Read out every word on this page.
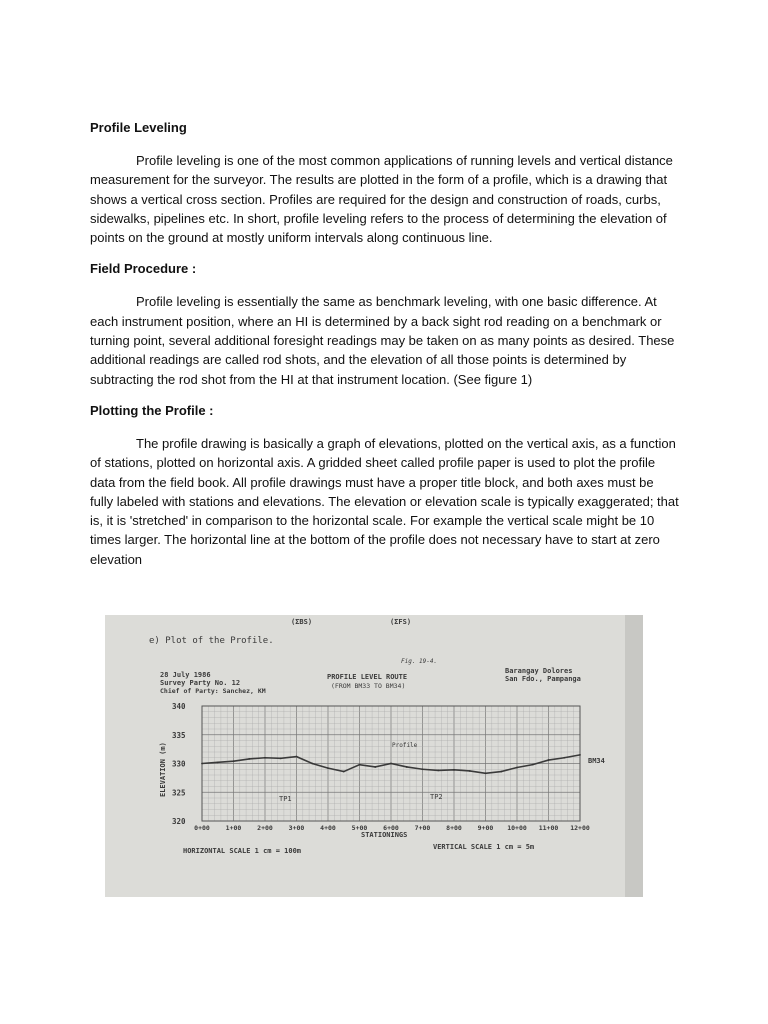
Profile Leveling

Profile leveling is one of the most common applications of running levels and vertical distance measurement for the surveyor. The results are plotted in the form of a profile, which is a drawing that shows a vertical cross section. Profiles are required for the design and construction of roads, curbs, sidewalks, pipelines etc. In short, profile leveling refers to the process of determining the elevation of points on the ground at mostly uniform intervals along continuous line.

Field Procedure :

Profile leveling is essentially the same as benchmark leveling, with one basic difference. At each instrument position, where an HI is determined by a back sight rod reading on a benchmark or turning point, several additional foresight readings may be taken on as many points as desired. These additional readings are called rod shots, and the elevation of all those points is determined by subtracting the rod shot from the HI at that instrument location. (See figure 1)

Plotting the Profile :

The profile drawing is basically a graph of elevations, plotted on the vertical axis, as a function of stations, plotted on horizontal axis. A gridded sheet called profile paper is used to plot the profile data from the field book. All profile drawings must have a proper title block, and both axes must be fully labeled with stations and elevations. The elevation or elevation scale is typically exaggerated; that is, it is 'stretched' in comparison to the horizontal scale. For example the vertical scale might be 10 times larger. The horizontal line at the bottom of the profile does not necessary have to start at zero elevation

320
325
330
335
340
0+00 1+00 2+00 3+00 4+00 5+00 6+00 7+00 8+00 9+00 10+00 11+00 12+00
(ΣBS)	(ΣFS)
e) Plot of the Profile.
Fig. 19-4.
28 July 1986
Survey Party No. 12
Chief of Party: Sanchez, KM
PROFILE LEVEL ROUTE
(FROM BM33 TO BM34)
Barangay Dolores
San Fdo., Pampanga
ELEVATION (m)
STATIONINGS
HORIZONTAL SCALE 1 cm = 100m	VERTICAL SCALE 1 cm = 5m
Profile
TP1	TP2
BM34
